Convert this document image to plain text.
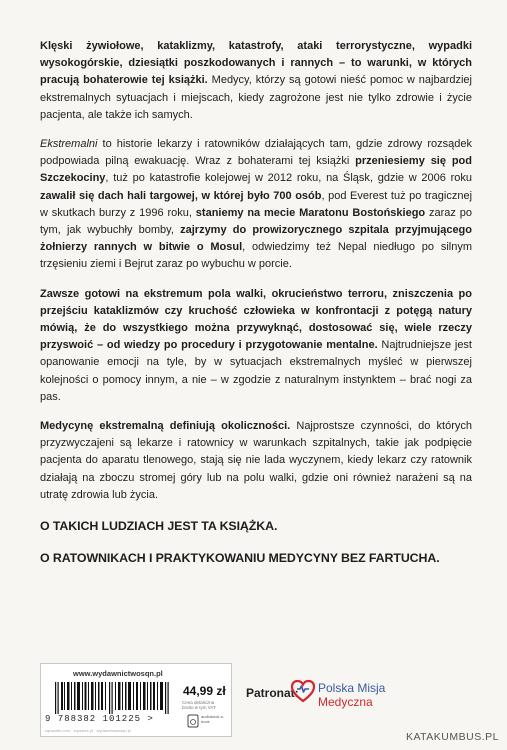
Klęski żywiołowe, kataklizmy, katastrofy, ataki terrorystyczne, wypadki wysokogórskie, dziesiątki poszkodowanych i rannych – to warunki, w których pracują bohaterowie tej książki. Medycy, którzy są gotowi nieść pomoc w najbardziej ekstremalnych sytuacjach i miejscach, kiedy zagrożone jest nie tylko zdrowie i życie pacjenta, ale także ich samych.

Ekstremalni to historie lekarzy i ratowników działających tam, gdzie zdrowy rozsądek podpowiada pilną ewakuację. Wraz z bohaterami tej książki przeniesiemy się pod Szczekociny, tuż po katastrofie kolejowej w 2012 roku, na Śląsk, gdzie w 2006 roku zawalił się dach hali targowej, w której było 700 osób, pod Everest tuż po tragicznej w skutkach burzy z 1996 roku, staniemy na mecie Maratonu Bostońskiego zaraz po tym, jak wybuchły bomby, zajrzymy do prowizorycznego szpitala przyjmującego żołnierzy rannych w bitwie o Mosul, odwiedzimy też Nepal niedługo po silnym trzęsieniu ziemi i Bejrut zaraz po wybuchu w porcie.

Zawsze gotowi na ekstremum pola walki, okrucieństwo terroru, zniszczenia po przejściu kataklizmów czy kruchość człowieka w konfrontacji z potęgą natury mówią, że do wszystkiego można przywyknąć, dostosować się, wiele rzeczy przyswoić – od wiedzy po procedury i przygotowanie mentalne. Najtrudniejsze jest opanowanie emocji na tyle, by w sytuacjach ekstremalnych myśleć w pierwszej kolejności o pomocy innym, a nie – w zgodzie z naturalnym instynktem – brać nogi za pas.

Medycynę ekstremalną definiują okoliczności. Najprostsze czynności, do których przyzwyczajeni są lekarze i ratownicy w warunkach szpitalnych, takie jak podpięcie pacjenta do aparatu tlenowego, stają się nie lada wyczynem, kiedy lekarz czy ratownik działają na zboczu stromej góry lub na polu walki, gdzie oni również narażeni są na utratę zdrowia lub życia.

O TAKICH LUDZIACH JEST TA KSIĄŻKA.
O RATOWNIKACH I PRAKTYKOWANIU MEDYCYNY BEZ FARTUCHA.
www.wydawnictwosqn.pl
9 788382 101225 >
44,99 zł
Cena detaliczna brutto w tym VAT
audiobook e-book
sqnaudio.com · sqnstore.pl · wydawnictwosqn.pl
Patronat: Polska Misja
Medyczna
KATAKUMBUS.PL
